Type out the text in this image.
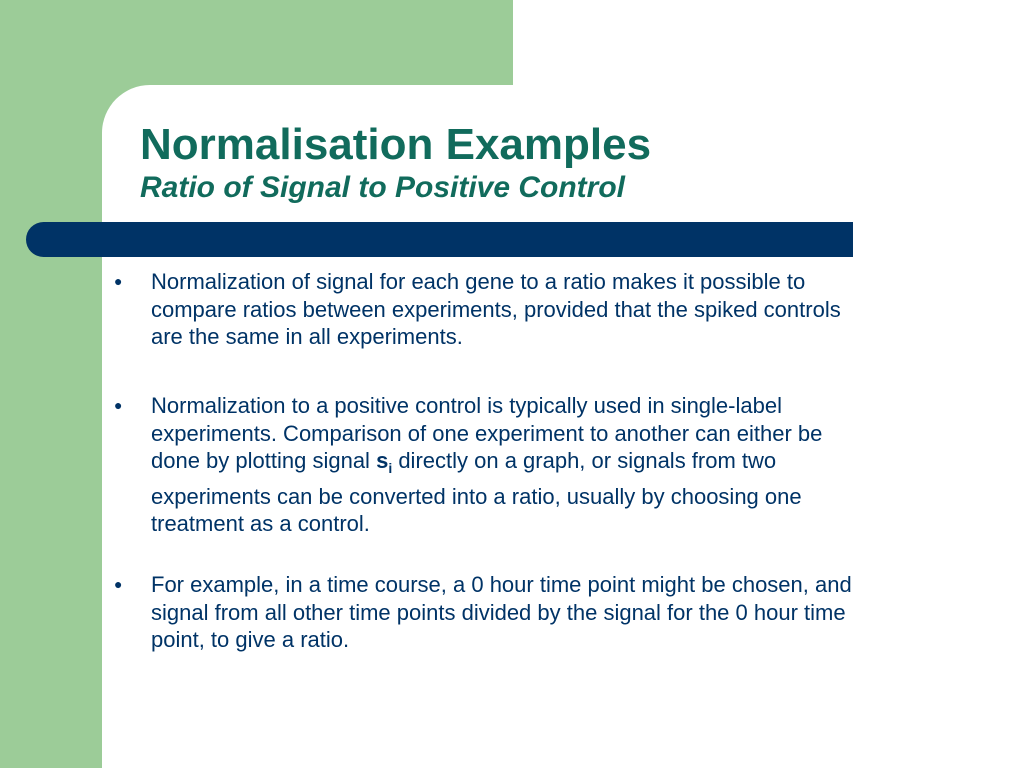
Normalisation Examples
Ratio of Signal to Positive Control
● Normalization of signal for each gene to a ratio makes it possible to
compare ratios between experiments, provided that the spiked controls
are the same in all experiments.
● Normalization to a positive control is typically used in single-label
experiments. Comparison of one experiment to another can either be
done by plotting signal $s_i$ directly on a graph, or signals from two
experiments can be converted into a ratio, usually by choosing one
treatment as a control.
● For example, in a time course, a 0 hour time point might be chosen, and
signal from all other time points divided by the signal for the 0 hour time
point, to give a ratio.
